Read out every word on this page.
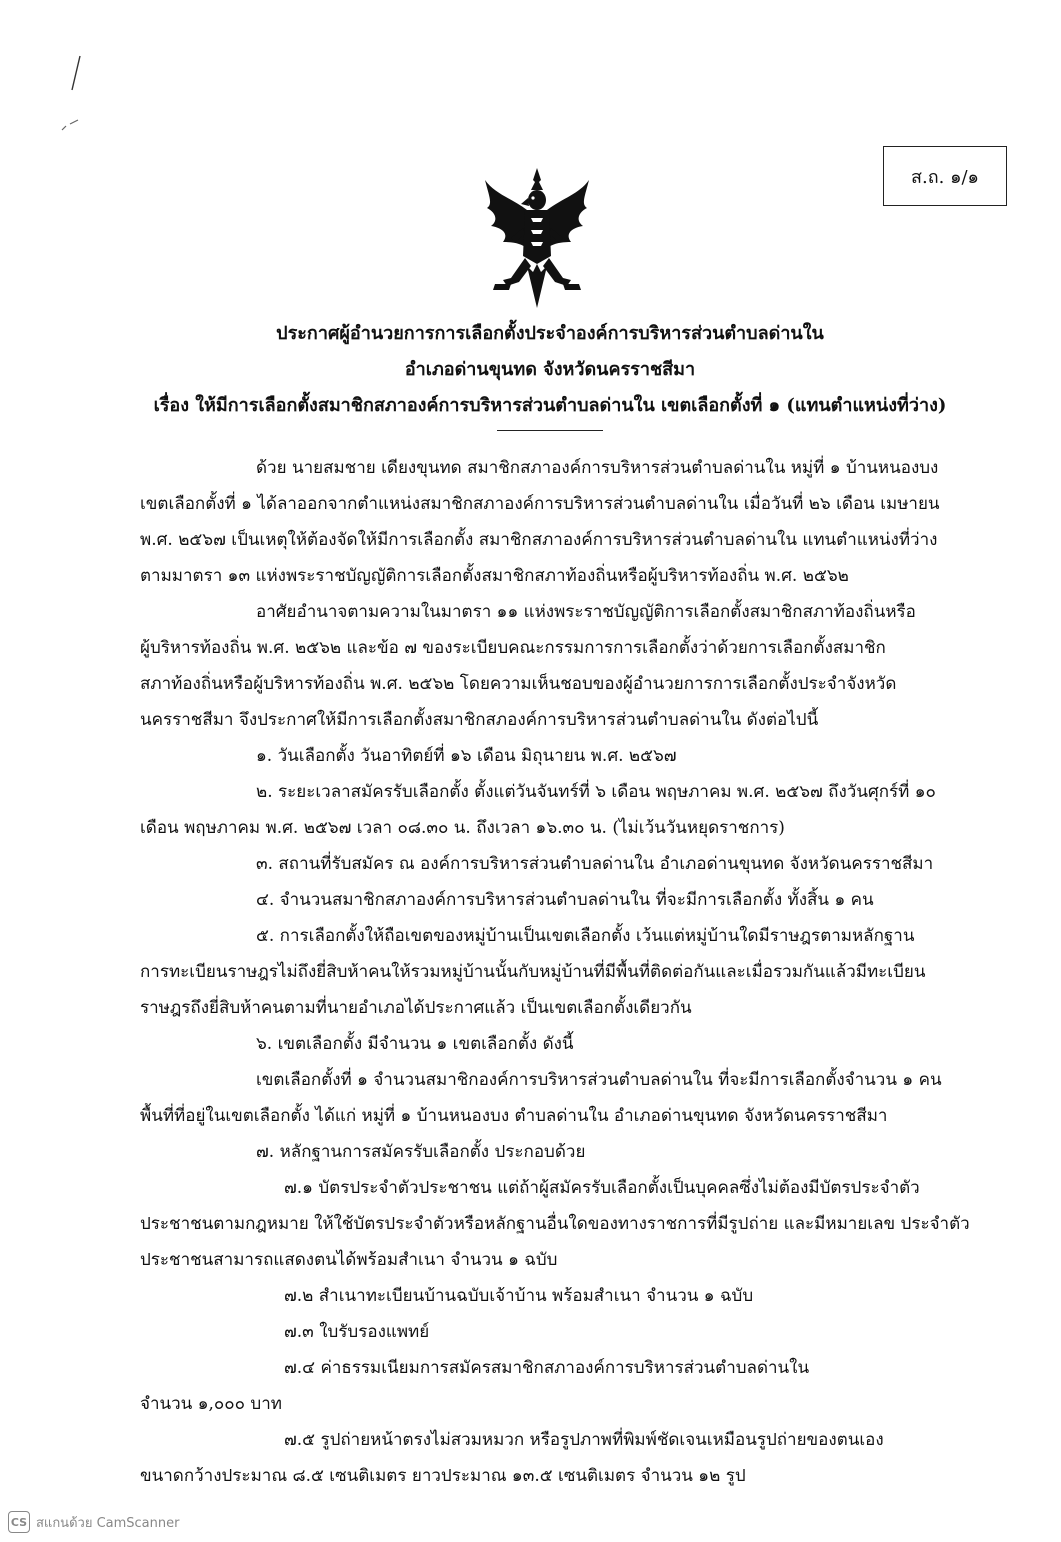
ส.ถ. ๑/๑
ประกาศผู้อำนวยการการเลือกตั้งประจำองค์การบริหารส่วนตำบลด่านใน
อำเภอด่านขุนทด จังหวัดนครราชสีมา
เรื่อง ให้มีการเลือกตั้งสมาชิกสภาองค์การบริหารส่วนตำบลด่านใน เขตเลือกตั้งที่ ๑ (แทนตำแหน่งที่ว่าง)
ด้วย นายสมชาย เดียงขุนทด สมาชิกสภาองค์การบริหารส่วนตำบลด่านใน หมู่ที่ ๑ บ้านหนองบง
เขตเลือกตั้งที่ ๑ ได้ลาออกจากตำแหน่งสมาชิกสภาองค์การบริหารส่วนตำบลด่านใน เมื่อวันที่ ๒๖ เดือน เมษายน
พ.ศ. ๒๕๖๗ เป็นเหตุให้ต้องจัดให้มีการเลือกตั้ง สมาชิกสภาองค์การบริหารส่วนตำบลด่านใน แทนตำแหน่งที่ว่าง
ตามมาตรา ๑๓ แห่งพระราชบัญญัติการเลือกตั้งสมาชิกสภาท้องถิ่นหรือผู้บริหารท้องถิ่น พ.ศ. ๒๕๖๒
อาศัยอำนาจตามความในมาตรา ๑๑ แห่งพระราชบัญญัติการเลือกตั้งสมาชิกสภาท้องถิ่นหรือ
ผู้บริหารท้องถิ่น พ.ศ. ๒๕๖๒ และข้อ ๗ ของระเบียบคณะกรรมการการเลือกตั้งว่าด้วยการเลือกตั้งสมาชิก
สภาท้องถิ่นหรือผู้บริหารท้องถิ่น พ.ศ. ๒๕๖๒ โดยความเห็นชอบของผู้อำนวยการการเลือกตั้งประจำจังหวัด
นครราชสีมา จึงประกาศให้มีการเลือกตั้งสมาชิกสภองค์การบริหารส่วนตำบลด่านใน ดังต่อไปนี้
๑. วันเลือกตั้ง วันอาทิตย์ที่ ๑๖ เดือน มิถุนายน พ.ศ. ๒๕๖๗
๒. ระยะเวลาสมัครรับเลือกตั้ง ตั้งแต่วันจันทร์ที่ ๖ เดือน พฤษภาคม พ.ศ. ๒๕๖๗ ถึงวันศุกร์ที่ ๑๐
เดือน พฤษภาคม พ.ศ. ๒๕๖๗ เวลา ๐๘.๓๐ น. ถึงเวลา ๑๖.๓๐ น. (ไม่เว้นวันหยุดราชการ)
๓. สถานที่รับสมัคร ณ องค์การบริหารส่วนตำบลด่านใน อำเภอด่านขุนทด จังหวัดนครราชสีมา
๔. จำนวนสมาชิกสภาองค์การบริหารส่วนตำบลด่านใน ที่จะมีการเลือกตั้ง ทั้งสิ้น ๑ คน
๕. การเลือกตั้งให้ถือเขตของหมู่บ้านเป็นเขตเลือกตั้ง เว้นแต่หมู่บ้านใดมีราษฎรตามหลักฐาน
การทะเบียนราษฎรไม่ถึงยี่สิบห้าคนให้รวมหมู่บ้านนั้นกับหมู่บ้านที่มีพื้นที่ติดต่อกันและเมื่อรวมกันแล้วมีทะเบียน
ราษฎรถึงยี่สิบห้าคนตามที่นายอำเภอได้ประกาศแล้ว เป็นเขตเลือกตั้งเดียวกัน
๖. เขตเลือกตั้ง มีจำนวน ๑ เขตเลือกตั้ง ดังนี้
เขตเลือกตั้งที่ ๑ จำนวนสมาชิกองค์การบริหารส่วนตำบลด่านใน ที่จะมีการเลือกตั้งจำนวน ๑ คน
พื้นที่ที่อยู่ในเขตเลือกตั้ง ได้แก่ หมู่ที่ ๑ บ้านหนองบง ตำบลด่านใน อำเภอด่านขุนทด จังหวัดนครราชสีมา
๗. หลักฐานการสมัครรับเลือกตั้ง ประกอบด้วย
๗.๑ บัตรประจำตัวประชาชน แต่ถ้าผู้สมัครรับเลือกตั้งเป็นบุคคลซึ่งไม่ต้องมีบัตรประจำตัว
ประชาชนตามกฎหมาย ให้ใช้บัตรประจำตัวหรือหลักฐานอื่นใดของทางราชการที่มีรูปถ่าย และมีหมายเลข ประจำตัว
ประชาชนสามารถแสดงตนได้พร้อมสำเนา จำนวน ๑ ฉบับ
๗.๒ สำเนาทะเบียนบ้านฉบับเจ้าบ้าน พร้อมสำเนา จำนวน ๑ ฉบับ
๗.๓ ใบรับรองแพทย์
๗.๔ ค่าธรรมเนียมการสมัครสมาชิกสภาองค์การบริหารส่วนตำบลด่านใน
จำนวน ๑,๐๐๐ บาท
๗.๕ รูปถ่ายหน้าตรงไม่สวมหมวก หรือรูปภาพที่พิมพ์ชัดเจนเหมือนรูปถ่ายของตนเอง
ขนาดกว้างประมาณ ๘.๕ เซนติเมตร ยาวประมาณ ๑๓.๕ เซนติเมตร จำนวน ๑๒ รูป
CS สแกนด้วย CamScanner
